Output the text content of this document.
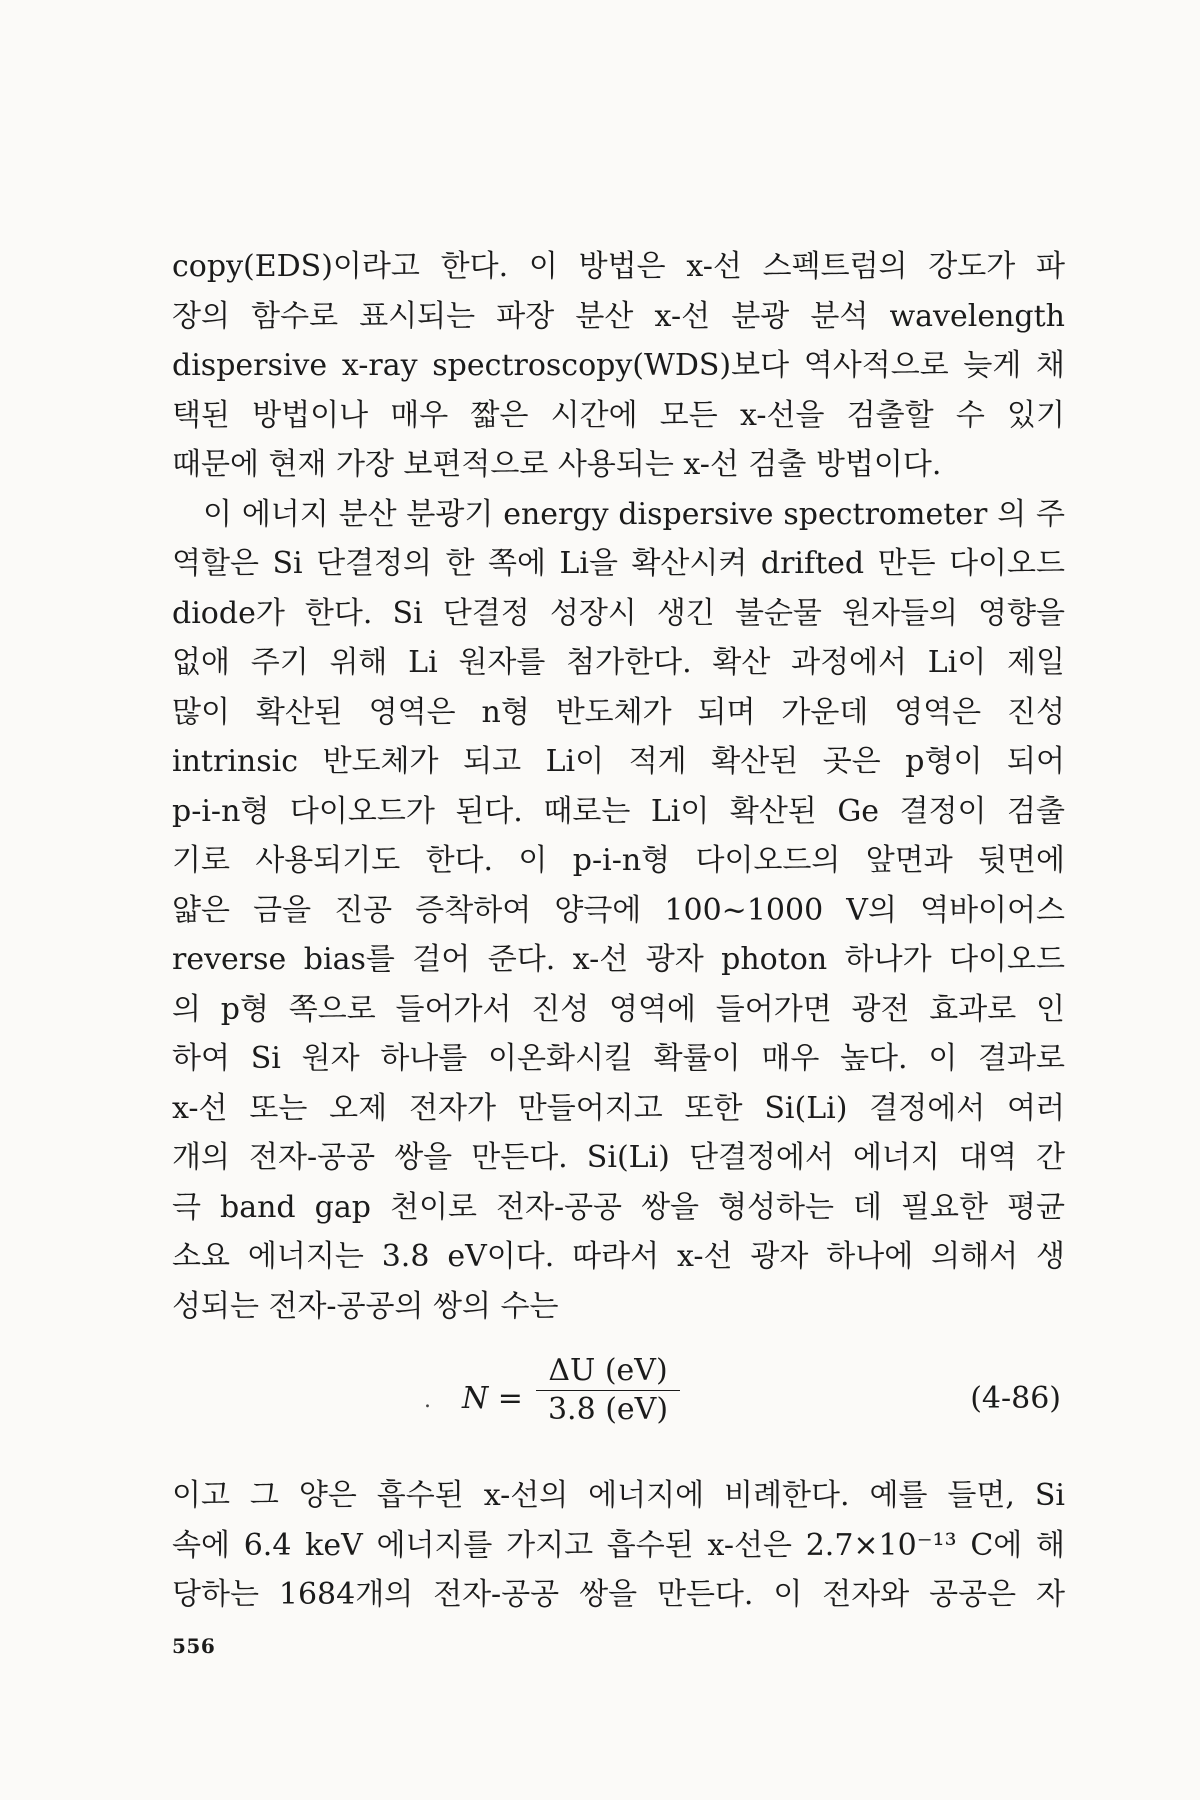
copy(EDS)이라고 한다. 이 방법은 x-선 스펙트럼의 강도가 파
장의 함수로 표시되는 파장 분산 x-선 분광 분석 wavelength
dispersive x-ray spectroscopy(WDS)보다 역사적으로 늦게 채
택된 방법이나 매우 짧은 시간에 모든 x-선을 검출할 수 있기
때문에 현재 가장 보편적으로 사용되는 x-선 검출 방법이다.
이 에너지 분산 분광기 energy dispersive spectrometer 의 주
역할은 Si 단결정의 한 쪽에 Li을 확산시켜 drifted 만든 다이오드
diode가 한다. Si 단결정 성장시 생긴 불순물 원자들의 영향을
없애 주기 위해 Li 원자를 첨가한다. 확산 과정에서 Li이 제일
많이 확산된 영역은 n형 반도체가 되며 가운데 영역은 진성
intrinsic 반도체가 되고 Li이 적게 확산된 곳은 p형이 되어
p-i-n형 다이오드가 된다. 때로는 Li이 확산된 Ge 결정이 검출
기로 사용되기도 한다. 이 p-i-n형 다이오드의 앞면과 뒷면에
얇은 금을 진공 증착하여 양극에 100~1000 V의 역바이어스
reverse bias를 걸어 준다. x-선 광자 photon 하나가 다이오드
의 p형 쪽으로 들어가서 진성 영역에 들어가면 광전 효과로 인
하여 Si 원자 하나를 이온화시킬 확률이 매우 높다. 이 결과로
x-선 또는 오제 전자가 만들어지고 또한 Si(Li) 결정에서 여러
개의 전자-공공 쌍을 만든다. Si(Li) 단결정에서 에너지 대역 간
극 band gap 천이로 전자-공공 쌍을 형성하는 데 필요한 평균
소요 에너지는 3.8 eV이다. 따라서 x-선 광자 하나에 의해서 생
성되는 전자-공공의 쌍의 수는
. $N = \frac{\Delta U (eV)}{3.8 (eV)}$	(4-86)
이고 그 양은 흡수된 x-선의 에너지에 비례한다. 예를 들면, Si
속에 6.4 keV 에너지를 가지고 흡수된 x-선은 2.7×10⁻¹³ C에 해
당하는 1684개의 전자-공공 쌍을 만든다. 이 전자와 공공은 자
556
